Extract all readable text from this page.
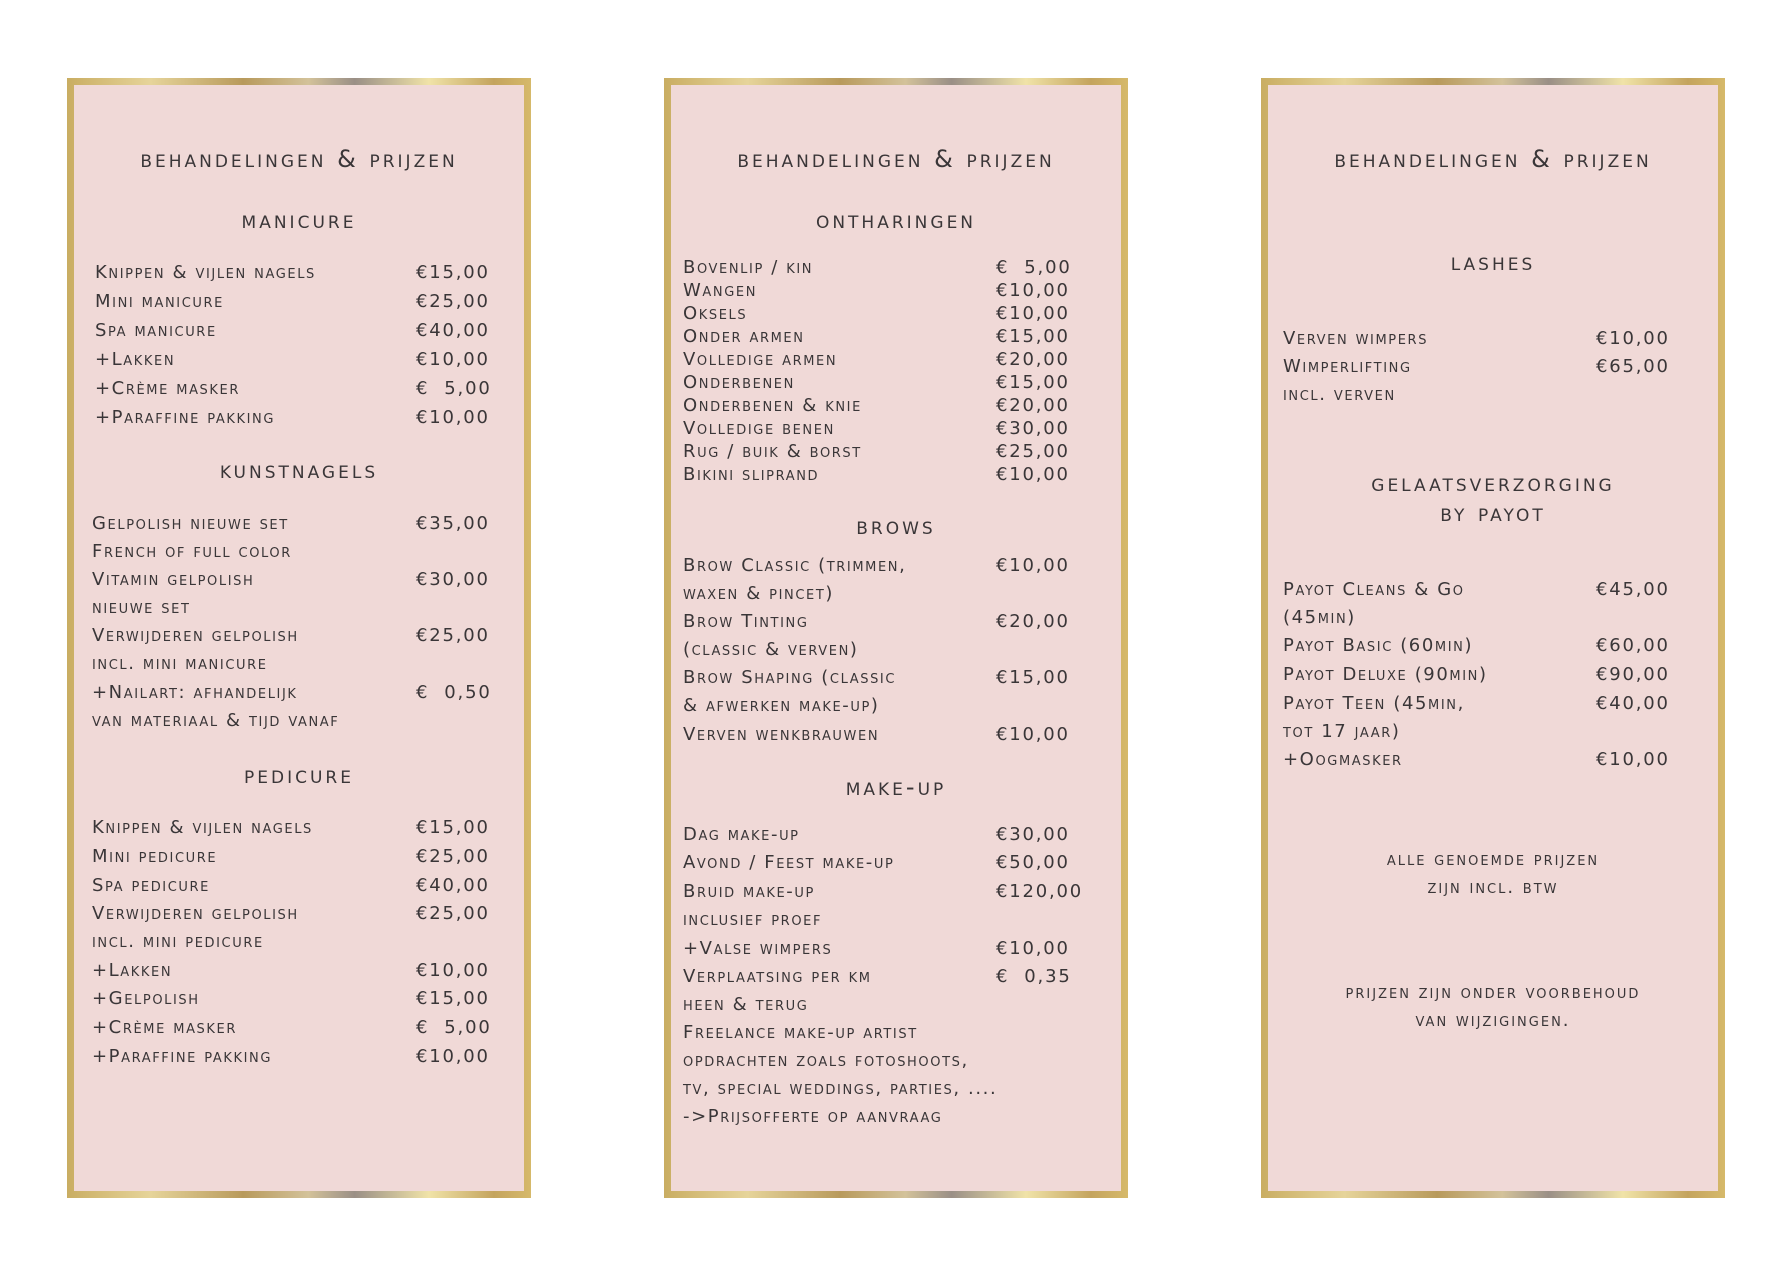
behandelingen & prijzen
manicure
Knippen & vijlen nagels	€15,00
Mini manicure	€25,00
Spa manicure	€40,00
+Lakken	€10,00
+Crème masker	€  5,00
+Paraffine pakking	€10,00
kunstnagels
Gelpolish nieuwe set	€35,00
French of full color
Vitamin gelpolish	€30,00
nieuwe set
Verwijderen gelpolish	€25,00
incl. mini manicure
+Nailart: afhandelijk	€  0,50
van materiaal & tijd vanaf
pedicure
Knippen & vijlen nagels	€15,00
Mini pedicure	€25,00
Spa pedicure	€40,00
Verwijderen gelpolish	€25,00
incl. mini pedicure
+Lakken	€10,00
+Gelpolish	€15,00
+Crème masker	€  5,00
+Paraffine pakking	€10,00
behandelingen & prijzen
ontharingen
Bovenlip / kin	€  5,00
Wangen	€10,00
Oksels	€10,00
Onder armen	€15,00
Volledige armen	€20,00
Onderbenen	€15,00
Onderbenen & knie	€20,00
Volledige benen	€30,00
Rug / buik & borst	€25,00
Bikini sliprand	€10,00
brows
Brow Classic (trimmen,	€10,00
waxen & pincet)
Brow Tinting	€20,00
(classic & verven)
Brow Shaping (classic	€15,00
& afwerken make-up)
Verven wenkbrauwen	€10,00
make-up
Dag make-up	€30,00
Avond / Feest make-up	€50,00
Bruid make-up	€120,00
inclusief proef
+Valse wimpers	€10,00
Verplaatsing per km	€  0,35
heen & terug
Freelance make-up artist
opdrachten zoals fotoshoots,
tv, special weddings, parties, ....
->Prijsofferte op aanvraag
behandelingen & prijzen
lashes
Verven wimpers	€10,00
Wimperlifting	€65,00
incl. verven
gelaatsverzorging
by payot
Payot Cleans & Go	€45,00
(45min)
Payot Basic (60min)	€60,00
Payot Deluxe (90min)	€90,00
Payot Teen (45min,	€40,00
tot 17 jaar)
+Oogmasker	€10,00
alle genoemde prijzen
zijn incl. btw
prijzen zijn onder voorbehoud
van wijzigingen.
